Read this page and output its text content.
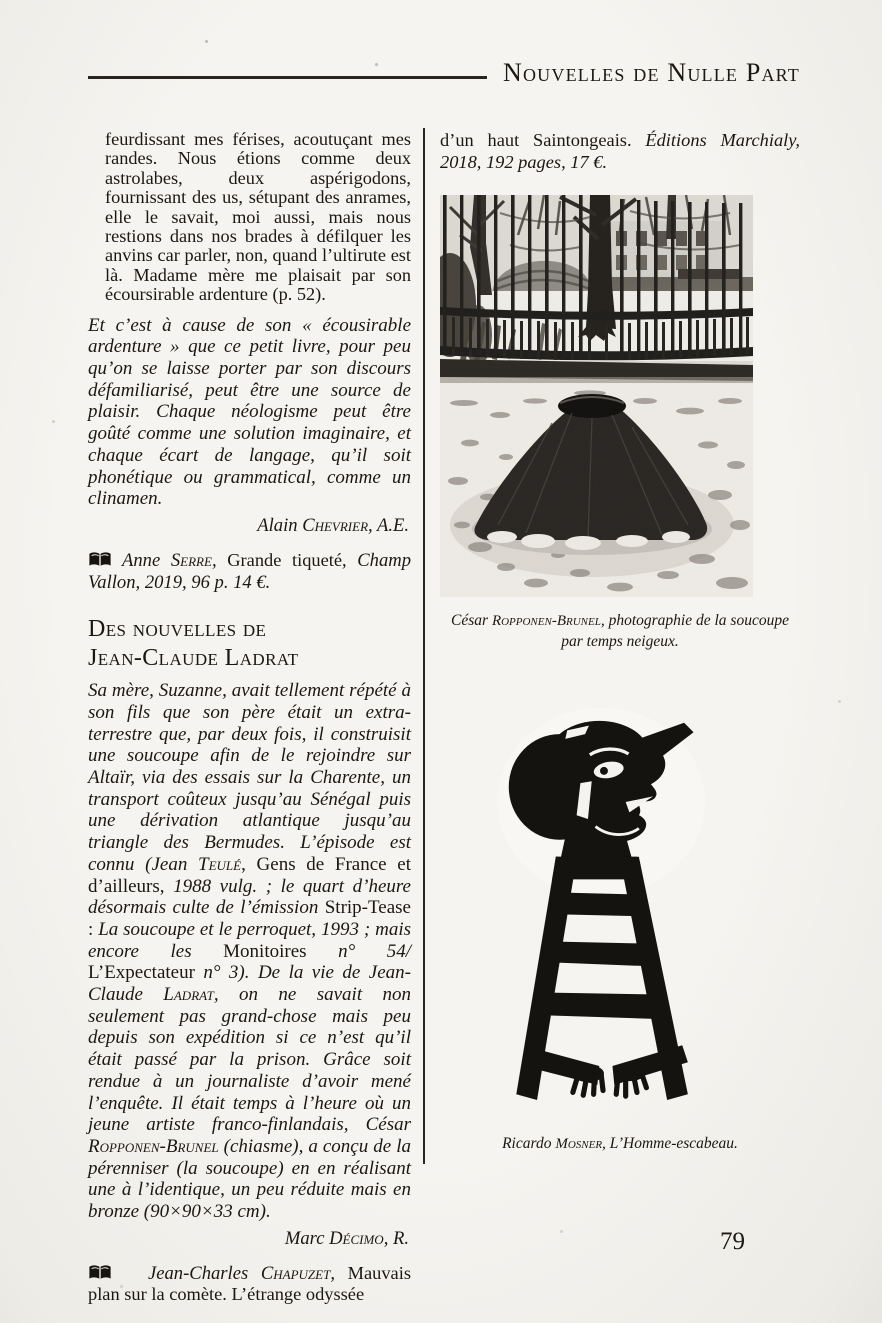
Nouvelles de Nulle Part
feurdissant mes férises, acoutuçant mes randes. Nous étions comme deux astrolabes, deux aspérigodons, fournissant des us, sétupant des anrames, elle le savait, moi aussi, mais nous restions dans nos brades à défilquer les anvins car parler, non, quand l’ultirute est là. Madame mère me plaisait par son écoursirable ardenture (p. 52).

Et c’est à cause de son « écousirable ardenture » que ce petit livre, pour peu qu’on se laisse porter par son discours défamiliarisé, peut être une source de plaisir. Chaque néologisme peut être goûté comme une solution imaginaire, et chaque écart de langage, qu’il soit phonétique ou grammatical, comme un clinamen.

Alain Chevrier, A.E.

Anne Serre, Grande tiqueté, Champ Vallon, 2019, 96 p. 14 €.

Des nouvelles de
Jean-Claude Ladrat

Sa mère, Suzanne, avait tellement répété à son fils que son père était un extra-terrestre que, par deux fois, il construisit une soucoupe afin de le rejoindre sur Altaïr, via des essais sur la Charente, un transport coûteux jusqu’au Sénégal puis une dérivation atlantique jusqu’au triangle des Bermudes. L’épisode est connu (Jean Teulé, Gens de France et d’ailleurs, 1988 vulg. ; le quart d’heure désormais culte de l’émission Strip-Tease : La soucoupe et le perroquet, 1993 ; mais encore les Monitoires n° 54/ L’Expectateur n° 3). De la vie de Jean-Claude Ladrat, on ne savait non seulement pas grand-chose mais peu depuis son expédition si ce n’est qu’il était passé par la prison. Grâce soit rendue à un journaliste d’avoir mené l’enquête. Il était temps à l’heure où un jeune artiste franco-finlandais, César Ropponen-Brunel (chiasme), a conçu de la pérenniser (la soucoupe) en en réalisant une à l’identique, un peu réduite mais en bronze (90×90×33 cm).

Marc Décimo, R.

Jean-Charles Chapuzet, Mauvais plan sur la comète. L’étrange odyssée

d’un haut Saintongeais. Éditions Marchialy, 2018, 192 pages, 17 €.

César Ropponen-Brunel, photographie de la soucoupe par temps neigeux.
Ricardo Mosner, L’Homme-escabeau.
79
